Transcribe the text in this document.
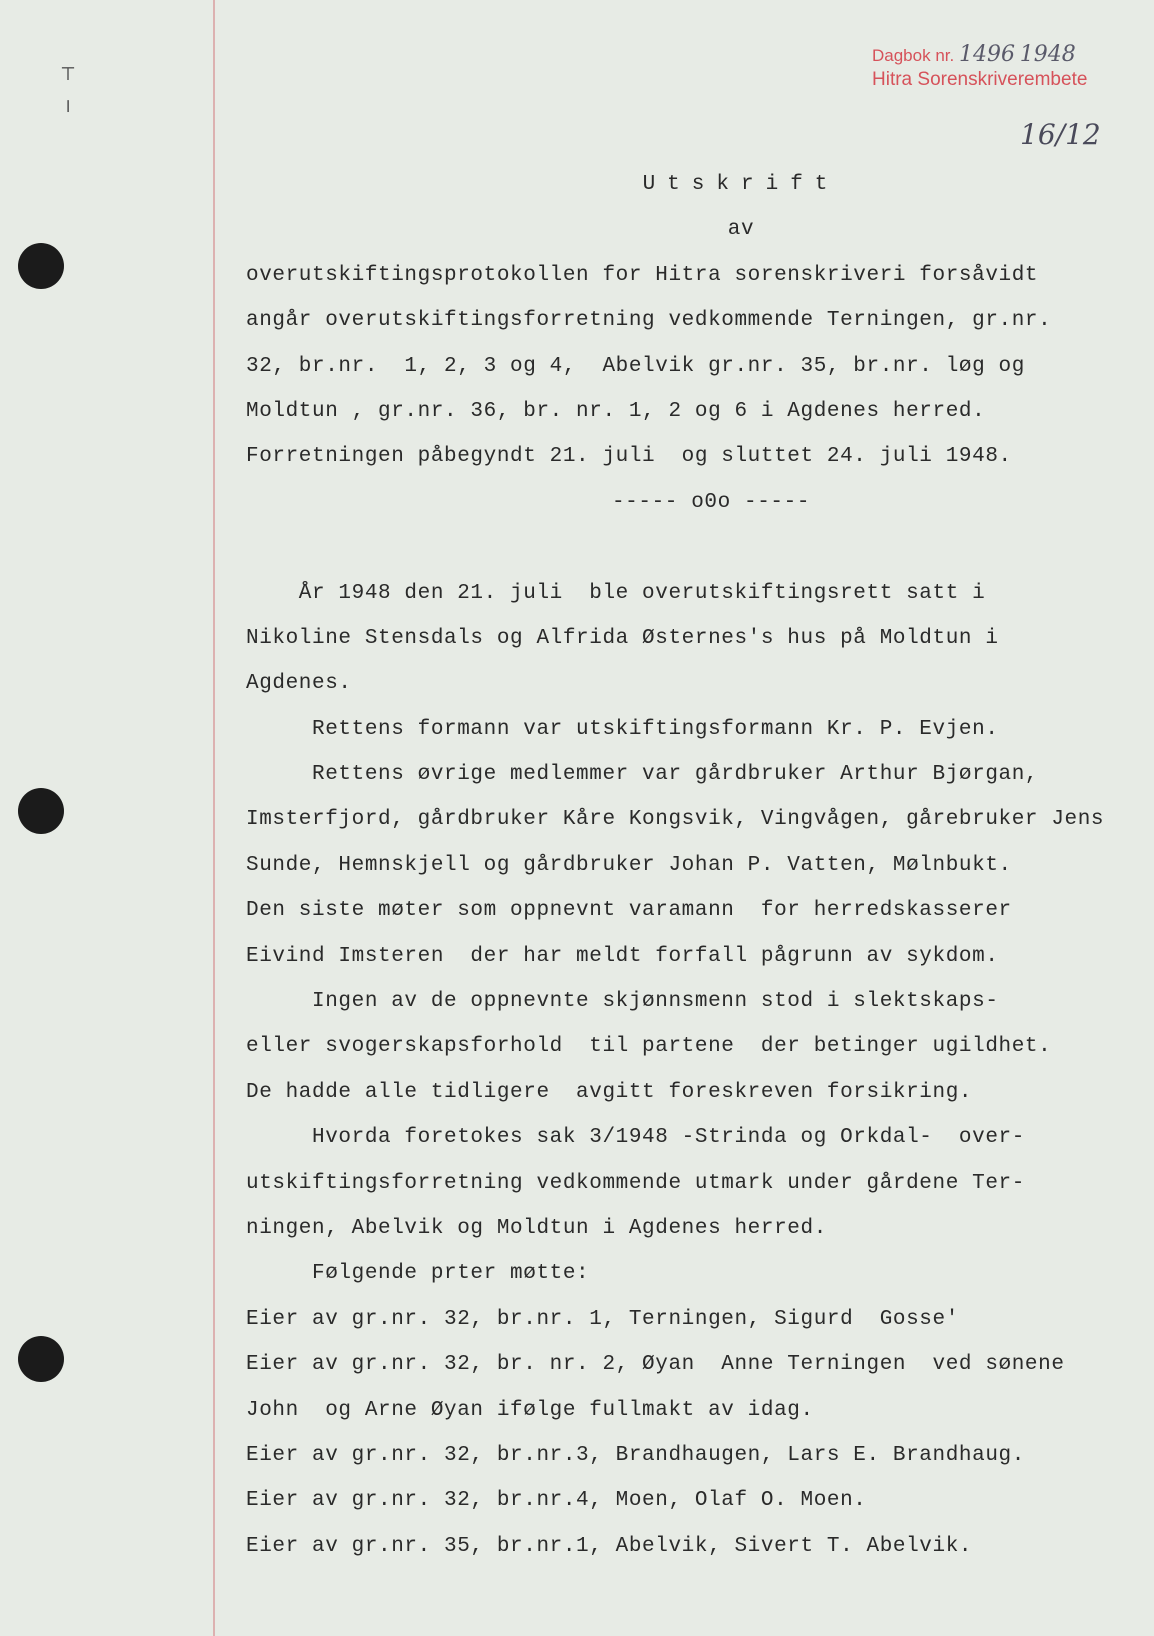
┬
╵
Dagbok nr. 1496 1948
Hitra Sorenskriverembete
16/12
Utskrift
av
overutskiftingsprotokollen for Hitra sorenskriveri forsåvidt
angår overutskiftingsforretning vedkommende Terningen, gr.nr.
32, br.nr.  1, 2, 3 og 4,  Abelvik gr.nr. 35, br.nr. løg og
Moldtun , gr.nr. 36, br. nr. 1, 2 og 6 i Agdenes herred.
Forretningen påbegyndt 21. juli  og sluttet 24. juli 1948.
----- o0o -----
År 1948 den 21. juli  ble overutskiftingsrett satt i
Nikoline Stensdals og Alfrida Østernes's hus på Moldtun i
Agdenes.
Rettens formann var utskiftingsformann Kr. P. Evjen.
Rettens øvrige medlemmer var gårdbruker Arthur Bjørgan,
Imsterfjord, gårdbruker Kåre Kongsvik, Vingvågen, gårebruker Jens
Sunde, Hemnskjell og gårdbruker Johan P. Vatten, Mølnbukt.
Den siste møter som oppnevnt varamann  for herredskasserer
Eivind Imsteren  der har meldt forfall pågrunn av sykdom.
Ingen av de oppnevnte skjønnsmenn stod i slektskaps-
eller svogerskapsforhold  til partene  der betinger ugildhet.
De hadde alle tidligere  avgitt foreskreven forsikring.
Hvorda foretokes sak 3/1948 -Strinda og Orkdal-  over-
utskiftingsforretning vedkommende utmark under gårdene Ter-
ningen, Abelvik og Moldtun i Agdenes herred.
Følgende prter møtte:
Eier av gr.nr. 32, br.nr. 1, Terningen, Sigurd  Gosse'
Eier av gr.nr. 32, br. nr. 2, Øyan  Anne Terningen  ved sønene
John  og Arne Øyan ifølge fullmakt av idag.
Eier av gr.nr. 32, br.nr.3, Brandhaugen, Lars E. Brandhaug.
Eier av gr.nr. 32, br.nr.4, Moen, Olaf O. Moen.
Eier av gr.nr. 35, br.nr.1, Abelvik, Sivert T. Abelvik.
